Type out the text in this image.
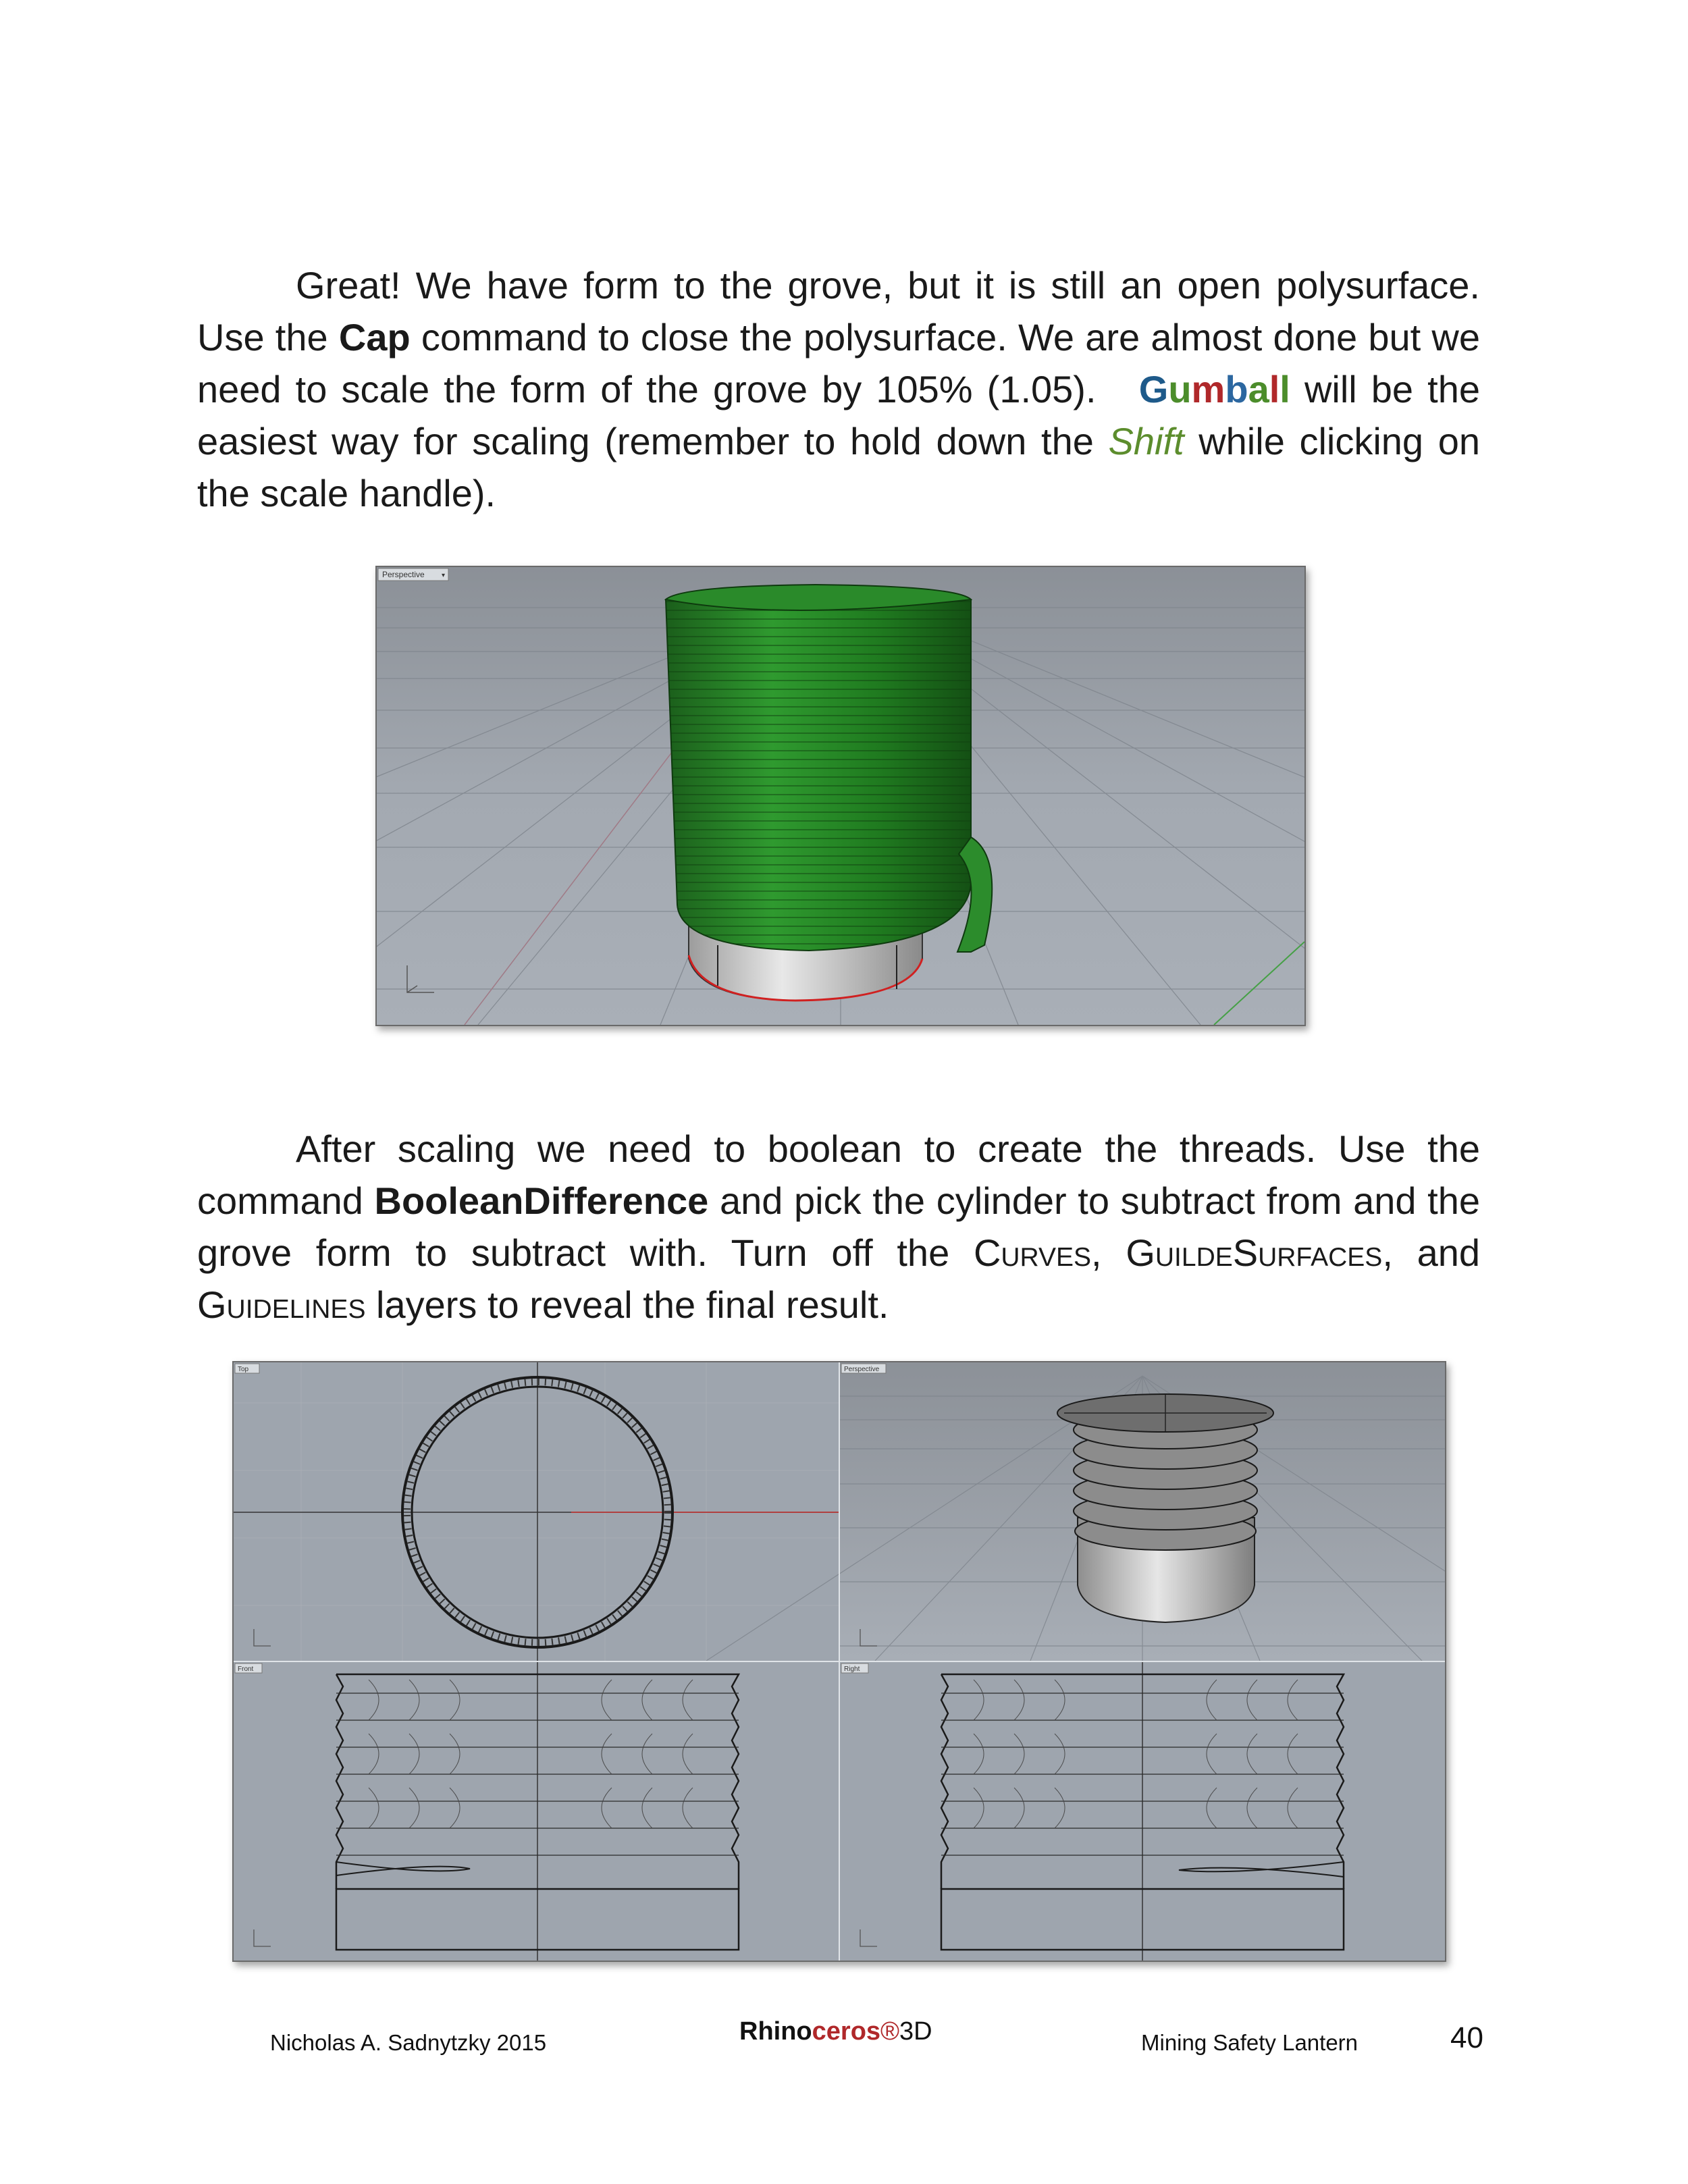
Great! We have form to the grove, but it is still an open polysurface. Use the Cap command to close the polysurface. We are almost done but we need to scale the form of the grove by 105% (1.05). Gumball will be the easiest way for scaling (remember to hold down the Shift while clicking on the scale handle).

Perspective	▾

After scaling we need to boolean to create the threads. Use the command BooleanDifference and pick the cylinder to subtract from and the grove form to subtract with. Turn off the Curves, GuildeSurfaces, and Guidelines layers to reveal the final result.

Top	Perspective
Front	Right
Nicholas A. Sadnytzky 2015	Rhinoceros®3D	Mining Safety Lantern	40
